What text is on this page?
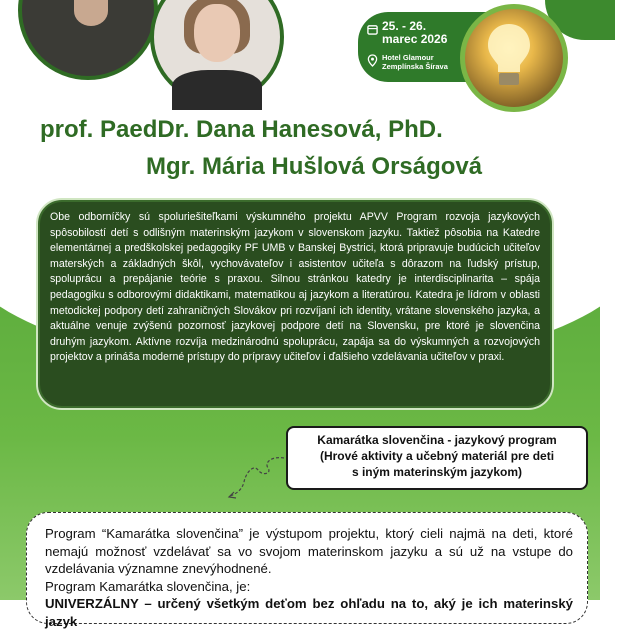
25. - 26.
marec 2026
Hotel Glamour
Zemplínska Šírava
prof. PaedDr. Dana Hanesová, PhD.
Mgr. Mária Hušlová Orságová

Obe odborníčky sú spoluriešiteľkami výskumného projektu APVV Program rozvoja jazykových spôsobilostí detí s odlišným materinským jazykom v slovenskom jazyku. Taktiež pôsobia na Katedre elementárnej a predškolskej pedagogiky PF UMB v Banskej Bystrici, ktorá pripravuje budúcich učiteľov materských a základných škôl, vychovávateľov i asistentov učiteľa s dôrazom na ľudský prístup, spoluprácu a prepájanie teórie s praxou. Silnou stránkou katedry je interdisciplinarita – spája pedagogiku s odborovými didaktikami, matematikou aj jazykom a literatúrou. Katedra je lídrom v oblasti metodickej podpory detí zahraničných Slovákov pri rozvíjaní ich identity, vrátane slovenského jazyka, a aktuálne venuje zvýšenú pozornosť jazykovej podpore detí na Slovensku, pre ktoré je slovenčina druhým jazykom. Aktívne rozvíja medzinárodnú spoluprácu, zapája sa do výskumných a rozvojových projektov a prináša moderné prístupy do prípravy učiteľov i ďalšieho vzdelávania učiteľov v praxi.

Kamarátka slovenčina - jazykový program
(Hrové aktivity a učebný materiál pre deti
s iným materinským jazykom)

Program “Kamarátka slovenčina” je výstupom projektu, ktorý cieli najmä na deti, ktoré nemajú možnosť vzdelávať sa vo svojom materinskom jazyku a sú už na vstupe do vzdelávania významne znevýhodnené.
Program Kamarátka slovenčina, je:
UNIVERZÁLNY – určený všetkým deťom bez ohľadu na to, aký je ich materinský jazyk
